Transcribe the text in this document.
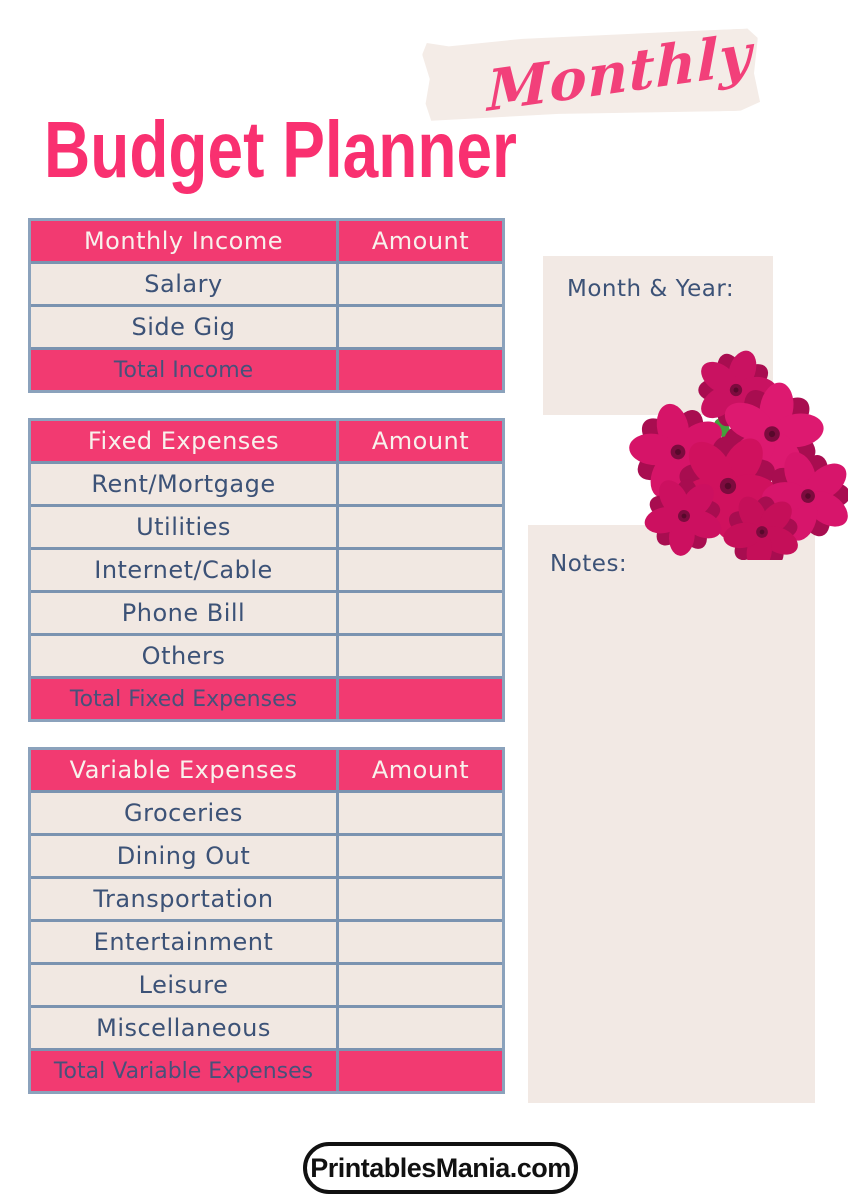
Monthly
Budget Planner
Monthly Income	Amount
Salary
Side Gig
Total Income
Fixed Expenses	Amount
Rent/Mortgage
Utilities
Internet/Cable
Phone Bill
Others
Total Fixed Expenses
Variable Expenses	Amount
Groceries
Dining Out
Transportation
Entertainment
Leisure
Miscellaneous
Total Variable Expenses
Month & Year:
Notes:
PrintablesMania.com
